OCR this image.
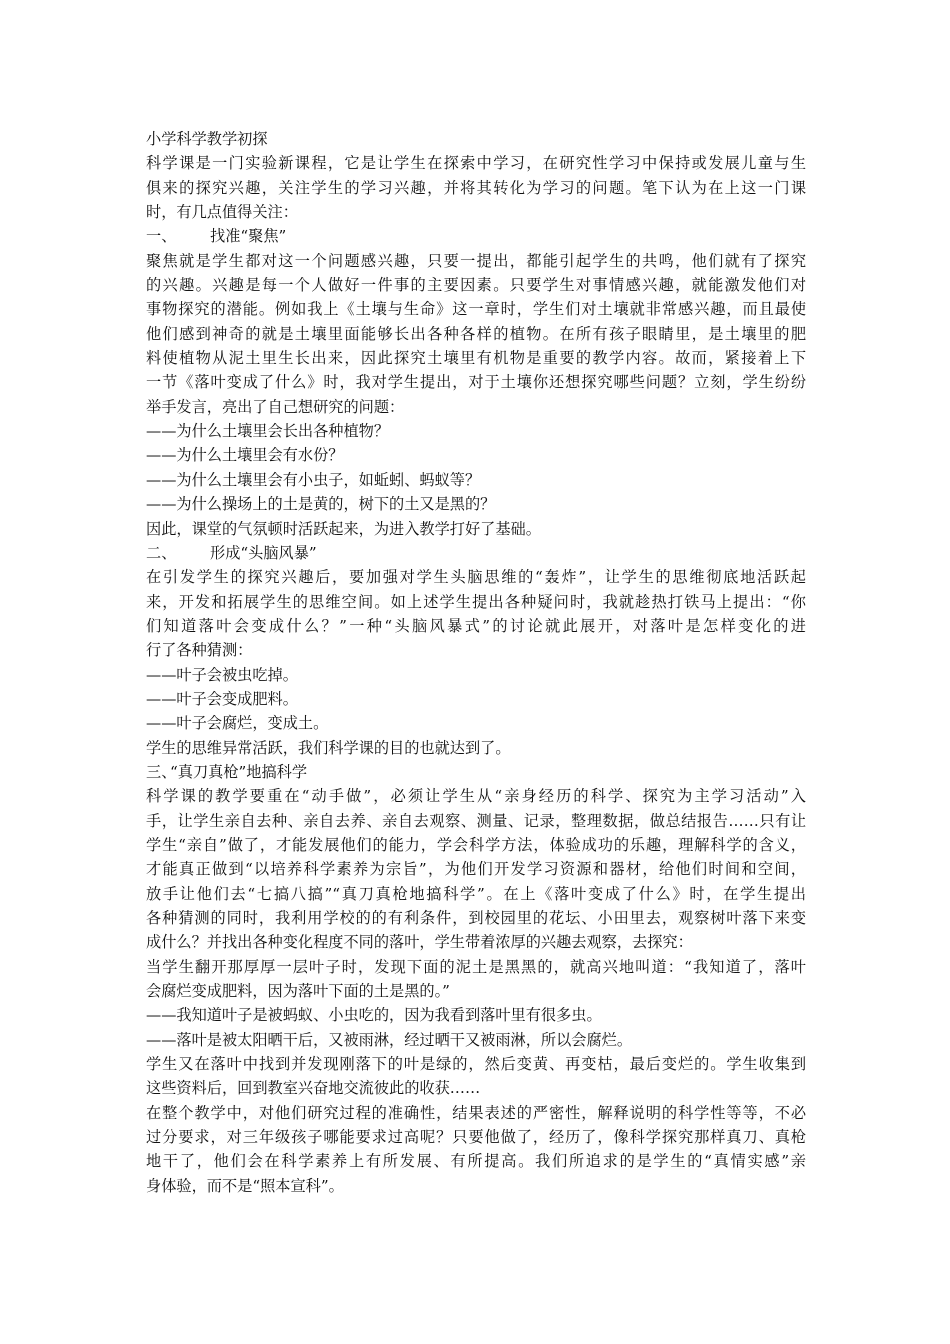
小学科学教学初探
科学课是一门实验新课程，它是让学生在探索中学习，在研究性学习中保持或发展儿童与生
俱来的探究兴趣，关注学生的学习兴趣，并将其转化为学习的问题。笔下认为在上这一门课
时，有几点值得关注：
一、 找准“聚焦”
聚焦就是学生都对这一个问题感兴趣，只要一提出，都能引起学生的共鸣，他们就有了探究
的兴趣。兴趣是每一个人做好一件事的主要因素。只要学生对事情感兴趣，就能激发他们对
事物探究的潜能。例如我上《土壤与生命》这一章时，学生们对土壤就非常感兴趣，而且最使
他们感到神奇的就是土壤里面能够长出各种各样的植物。在所有孩子眼睛里，是土壤里的肥
料使植物从泥土里生长出来，因此探究土壤里有机物是重要的教学内容。故而，紧接着上下
一节《落叶变成了什么》时，我对学生提出，对于土壤你还想探究哪些问题？立刻，学生纷纷
举手发言，亮出了自己想研究的问题：
——为什么土壤里会长出各种植物？
——为什么土壤里会有水份？
——为什么土壤里会有小虫子，如蚯蚓、蚂蚁等？
——为什么操场上的土是黄的，树下的土又是黑的？
因此，课堂的气氛顿时活跃起来，为进入教学打好了基础。
二、 形成“头脑风暴”
在引发学生的探究兴趣后，要加强对学生头脑思维的“轰炸”，让学生的思维彻底地活跃起
来，开发和拓展学生的思维空间。如上述学生提出各种疑问时，我就趁热打铁马上提出：“你
们知道落叶会变成什么？”一种“头脑风暴式”的讨论就此展开，对落叶是怎样变化的进
行了各种猜测：
——叶子会被虫吃掉。
——叶子会变成肥料。
——叶子会腐烂，变成土。
学生的思维异常活跃，我们科学课的目的也就达到了。
三、“真刀真枪”地搞科学
科学课的教学要重在“动手做”，必须让学生从“亲身经历的科学、探究为主学习活动”入
手，让学生亲自去种、亲自去养、亲自去观察、测量、记录，整理数据，做总结报告……只有让
学生“亲自”做了，才能发展他们的能力，学会科学方法，体验成功的乐趣，理解科学的含义，
才能真正做到“以培养科学素养为宗旨”，为他们开发学习资源和器材，给他们时间和空间，
放手让他们去“七搞八搞”“真刀真枪地搞科学”。在上《落叶变成了什么》时，在学生提出
各种猜测的同时，我利用学校的的有利条件，到校园里的花坛、小田里去，观察树叶落下来变
成什么？并找出各种变化程度不同的落叶，学生带着浓厚的兴趣去观察，去探究：
当学生翻开那厚厚一层叶子时，发现下面的泥土是黑黑的，就高兴地叫道：“我知道了，落叶
会腐烂变成肥料，因为落叶下面的土是黑的。”
——我知道叶子是被蚂蚁、小虫吃的，因为我看到落叶里有很多虫。
——落叶是被太阳晒干后，又被雨淋，经过晒干又被雨淋，所以会腐烂。
学生又在落叶中找到并发现刚落下的叶是绿的，然后变黄、再变枯，最后变烂的。学生收集到
这些资料后，回到教室兴奋地交流彼此的收获……
在整个教学中，对他们研究过程的准确性，结果表述的严密性，解释说明的科学性等等，不必
过分要求，对三年级孩子哪能要求过高呢？只要他做了，经历了，像科学探究那样真刀、真枪
地干了，他们会在科学素养上有所发展、有所提高。我们所追求的是学生的“真情实感”亲
身体验，而不是“照本宣科”。
